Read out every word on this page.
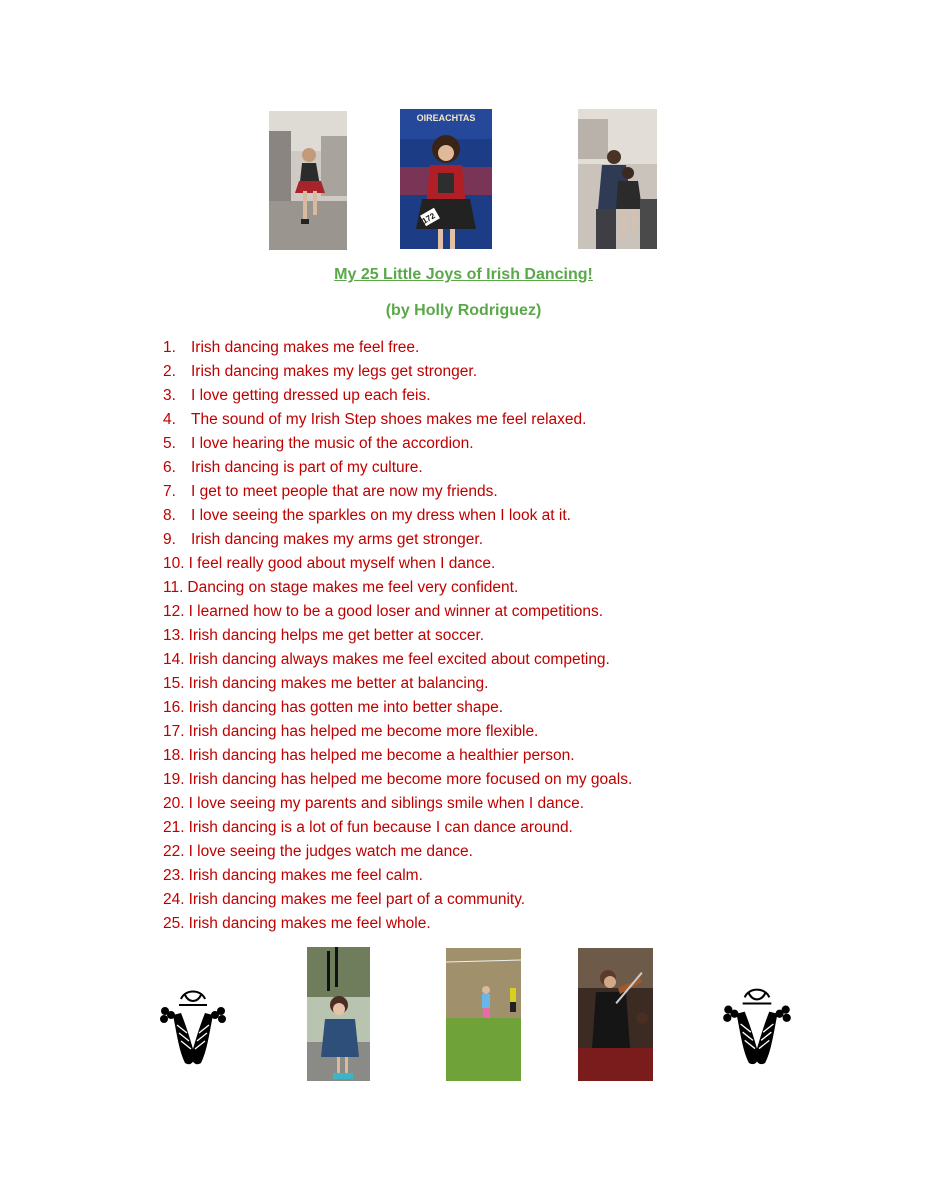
OIREACHTAS
172
My 25 Little Joys of Irish Dancing!
(by Holly Rodriguez)
1. Irish dancing makes me feel free.
2. Irish dancing makes my legs get stronger.
3. I love getting dressed up each feis.
4. The sound of my Irish Step shoes makes me feel relaxed.
5. I love hearing the music of the accordion.
6. Irish dancing is part of my culture.
7. I get to meet people that are now my friends.
8. I love seeing the sparkles on my dress when I look at it.
9. Irish dancing makes my arms get stronger.
10. I feel really good about myself when I dance.
11. Dancing on stage makes me feel very confident.
12. I learned how to be a good loser and winner at competitions.
13. Irish dancing helps me get better at soccer.
14. Irish dancing always makes me feel excited about competing.
15. Irish dancing makes me better at balancing.
16. Irish dancing has gotten me into better shape.
17. Irish dancing has helped me become more flexible.
18. Irish dancing has helped me become a healthier person.
19. Irish dancing has helped me become more focused on my goals.
20. I love seeing my parents and siblings smile when I dance.
21. Irish dancing is a lot of fun because I can dance around.
22. I love seeing the judges watch me dance.
23. Irish dancing makes me feel calm.
24. Irish dancing makes me feel part of a community.
25. Irish dancing makes me feel whole.
